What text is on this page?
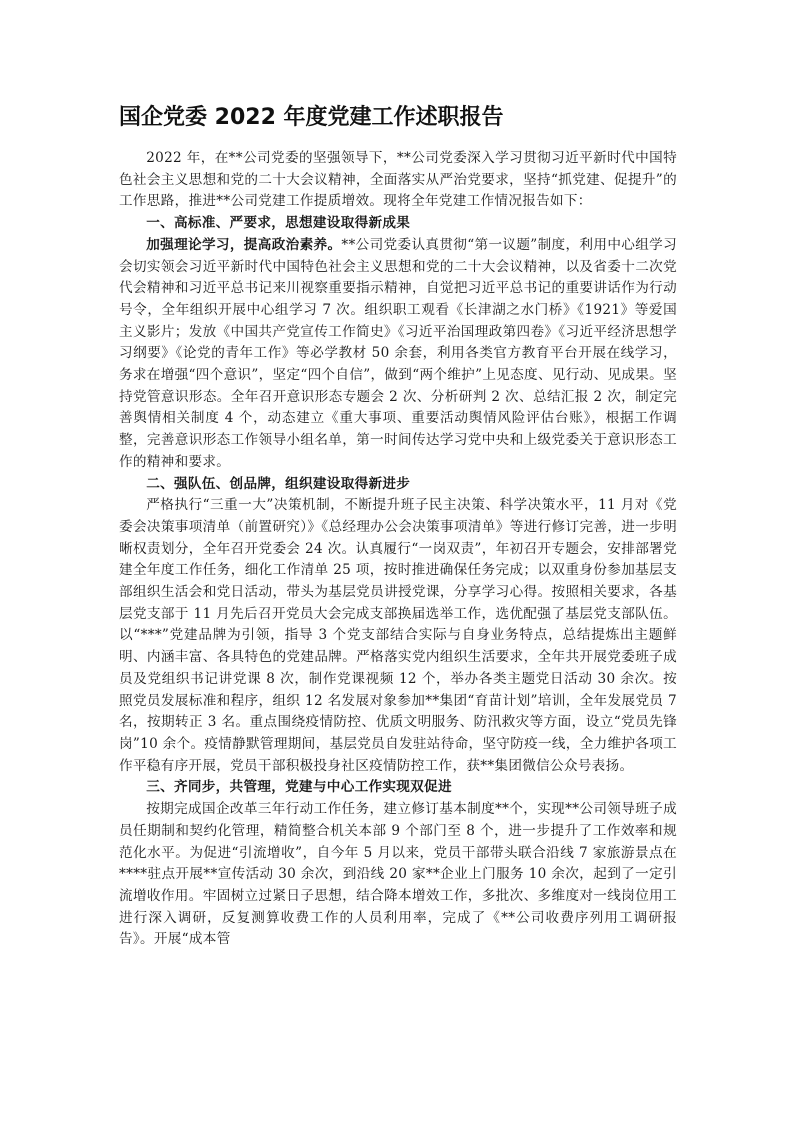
国企党委 2022 年度党建工作述职报告

2022 年，在**公司党委的坚强领导下，**公司党委深入学习贯彻习近平新时代中国特色社会主义思想和党的二十大会议精神，全面落实从严治党要求，坚持“抓党建、促提升”的工作思路，推进**公司党建工作提质增效。现将全年党建工作情况报告如下：

一、高标准、严要求，思想建设取得新成果

加强理论学习，提高政治素养。**公司党委认真贯彻“第一议题”制度，利用中心组学习会切实领会习近平新时代中国特色社会主义思想和党的二十大会议精神，以及省委十二次党代会精神和习近平总书记来川视察重要指示精神，自觉把习近平总书记的重要讲话作为行动号令，全年组织开展中心组学习 7 次。组织职工观看《长津湖之水门桥》《1921》等爱国主义影片；发放《中国共产党宣传工作简史》《习近平治国理政第四卷》《习近平经济思想学习纲要》《论党的青年工作》等必学教材 50 余套，利用各类官方教育平台开展在线学习，务求在增强“四个意识”，坚定“四个自信”，做到“两个维护”上见态度、见行动、见成果。坚持党管意识形态。全年召开意识形态专题会 2 次、分析研判 2 次、总结汇报 2 次，制定完善舆情相关制度 4 个，动态建立《重大事项、重要活动舆情风险评估台账》，根据工作调整，完善意识形态工作领导小组名单，第一时间传达学习党中央和上级党委关于意识形态工作的精神和要求。

二、强队伍、创品牌，组织建设取得新进步

严格执行“三重一大”决策机制，不断提升班子民主决策、科学决策水平，11 月对《党委会决策事项清单（前置研究）》《总经理办公会决策事项清单》等进行修订完善，进一步明晰权责划分，全年召开党委会 24 次。认真履行“一岗双责”，年初召开专题会，安排部署党建全年度工作任务，细化工作清单 25 项，按时推进确保任务完成；以双重身份参加基层支部组织生活会和党日活动，带头为基层党员讲授党课，分享学习心得。按照相关要求，各基层党支部于 11 月先后召开党员大会完成支部换届选举工作，选优配强了基层党支部队伍。以“***”党建品牌为引领，指导 3 个党支部结合实际与自身业务特点，总结提炼出主题鲜明、内涵丰富、各具特色的党建品牌。严格落实党内组织生活要求，全年共开展党委班子成员及党组织书记讲党课 8 次，制作党课视频 12 个，举办各类主题党日活动 30 余次。按照党员发展标准和程序，组织 12 名发展对象参加**集团“育苗计划”培训，全年发展党员 7 名，按期转正 3 名。重点围绕疫情防控、优质文明服务、防汛救灾等方面，设立“党员先锋岗”10 余个。疫情静默管理期间，基层党员自发驻站待命，坚守防疫一线，全力维护各项工作平稳有序开展，党员干部积极投身社区疫情防控工作，获**集团微信公众号表扬。

三、齐同步，共管理，党建与中心工作实现双促进

按期完成国企改革三年行动工作任务，建立修订基本制度**个，实现**公司领导班子成员任期制和契约化管理，精简整合机关本部 9 个部门至 8 个，进一步提升了工作效率和规范化水平。为促进“引流增收”，自今年 5 月以来，党员干部带头联合沿线 7 家旅游景点在****驻点开展**宣传活动 30 余次，到沿线 20 家**企业上门服务 10 余次，起到了一定引流增收作用。牢固树立过紧日子思想，结合降本增效工作，多批次、多维度对一线岗位用工进行深入调研，反复测算收费工作的人员利用率，完成了《**公司收费序列用工调研报告》。开展“成本管
